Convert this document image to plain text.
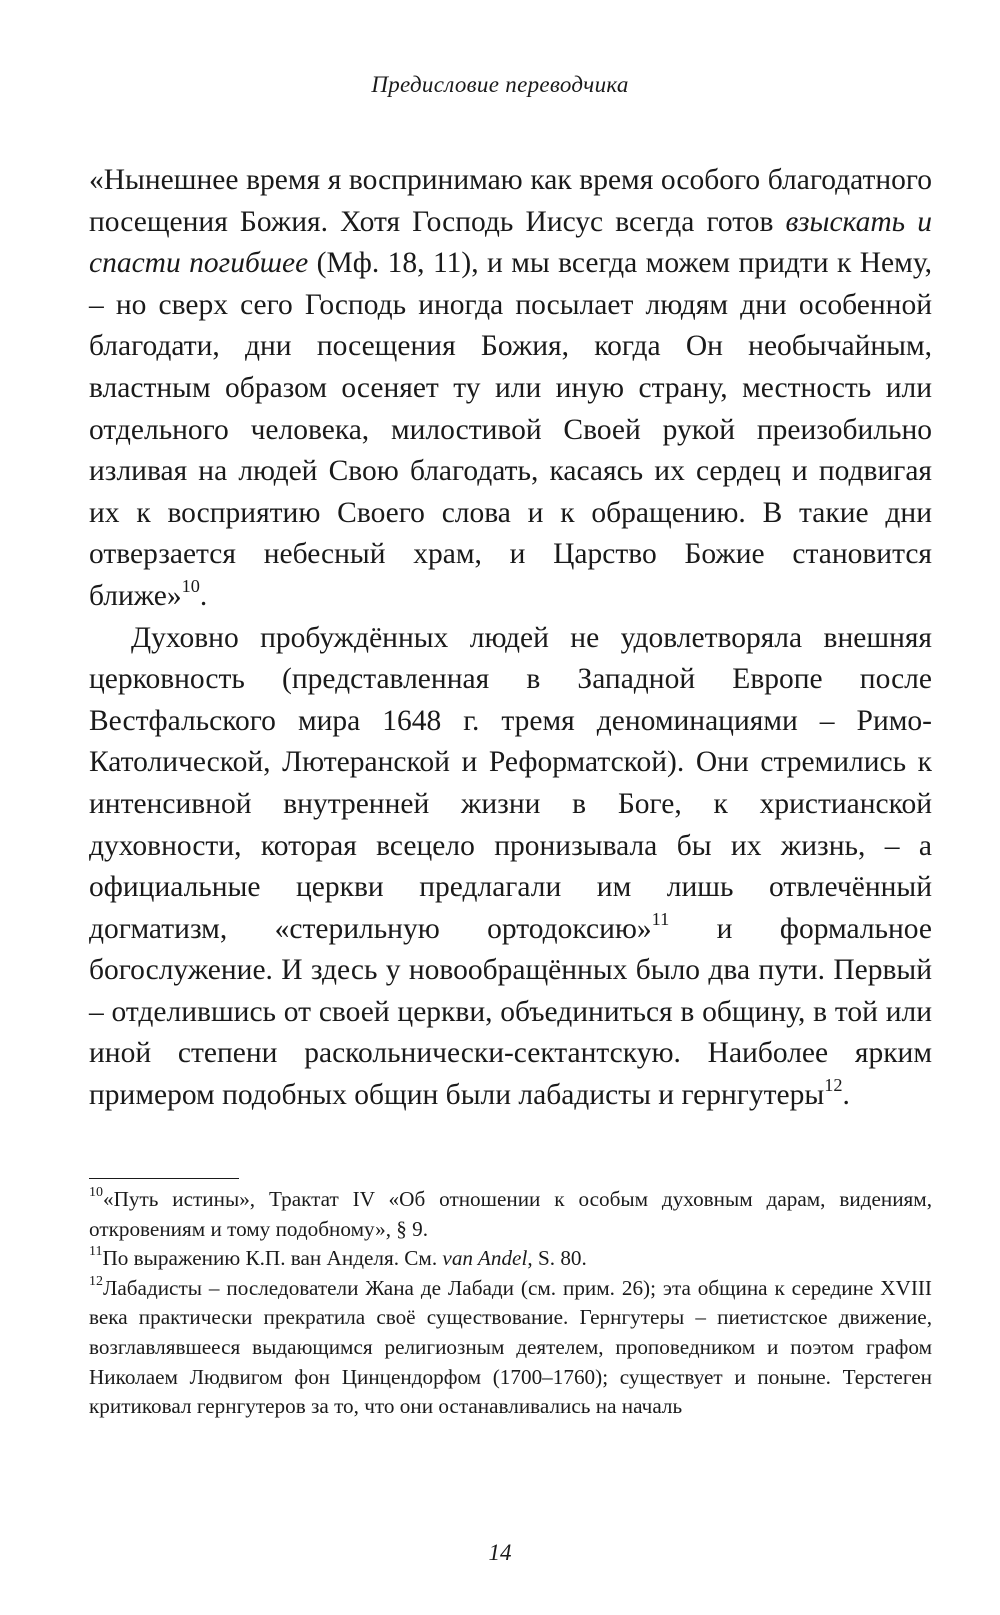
Предисловие переводчика

«Нынешнее время я воспринимаю как время особого благодатного посещения Божия. Хотя Господь Иисус всегда готов взыскать и спасти погибшее (Мф. 18, 11), и мы всегда можем придти к Нему, – но сверх сего Господь иногда посылает людям дни особенной благодати, дни посещения Божия, когда Он необычайным, властным образом осеняет ту или иную страну, местность или отдельного человека, милостивой Своей рукой преизобильно изливая на людей Свою благодать, касаясь их сердец и подвигая их к восприятию Своего слова и к обращению. В такие дни отверзается небесный храм, и Царство Божие становится ближе»$^{10}$.

Духовно пробуждённых людей не удовлетворяла внешняя церковность (представленная в Западной Европе после Вестфальского мира 1648 г. тремя деноминациями – Римо-Католической, Лютеранской и Реформатской). Они стремились к интенсивной внутренней жизни в Боге, к христианской духовности, которая всецело пронизывала бы их жизнь, – а официальные церкви предлагали им лишь отвлечённый догматизм, «стерильную ортодоксию»$^{11}$ и формальное богослужение. И здесь у новообращённых было два пути. Первый – отделившись от своей церкви, объединиться в общину, в той или иной степени раскольнически-сектантскую. Наиболее ярким примером подобных общин были лабадисты и гернгутеры$^{12}$.

$^{10}$«Путь истины», Трактат IV «Об отношении к особым духовным дарам, видениям, откровениям и тому подобному», § 9.

$^{11}$По выражению К.П. ван Анделя. См. van Andel, S. 80.

$^{12}$Лабадисты – последователи Жана де Лабади (см. прим. 26); эта община к середине XVIII века практически прекратила своё существование. Гернгутеры – пиетистское движение, возглавлявшееся выдающимся религиозным деятелем, проповедником и поэтом графом Николаем Людвигом фон Цинцендорфом (1700–1760); существует и поныне. Терстеген критиковал гернгутеров за то, что они останавливались на началь

14
